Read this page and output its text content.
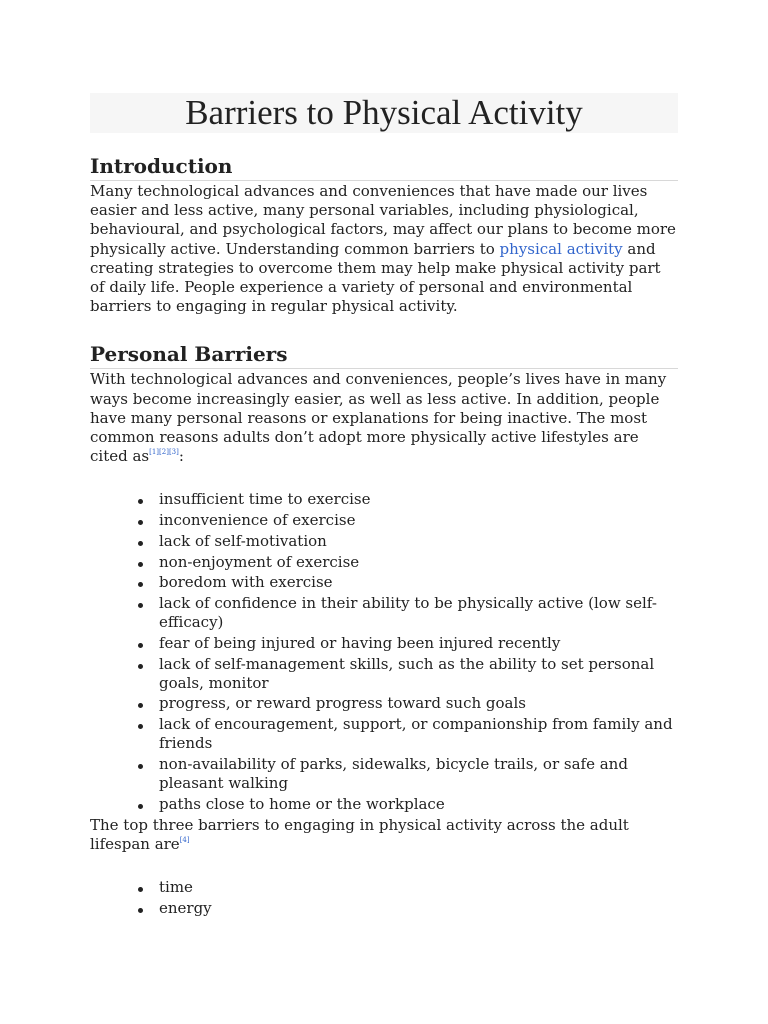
Barriers to Physical Activity
Introduction

Many technological advances and conveniences that have made our lives easier and less active, many personal variables, including physiological, behavioural, and psychological factors, may affect our plans to become more physically active. Understanding common barriers to physical activity and creating strategies to overcome them may help make physical activity part of daily life. People experience a variety of personal and environmental barriers to engaging in regular physical activity.

Personal Barriers

With technological advances and conveniences, people’s lives have in many ways become increasingly easier, as well as less active. In addition, people have many personal reasons or explanations for being inactive. The most common reasons adults don’t adopt more physically active lifestyles are cited as[1][2][3]:

insufficient time to exercise
inconvenience of exercise
lack of self-motivation
non-enjoyment of exercise
boredom with exercise
lack of confidence in their ability to be physically active (low self-efficacy)
fear of being injured or having been injured recently
lack of self-management skills, such as the ability to set personal goals, monitor
progress, or reward progress toward such goals
lack of encouragement, support, or companionship from family and friends
non-availability of parks, sidewalks, bicycle trails, or safe and pleasant walking
paths close to home or the workplace

The top three barriers to engaging in physical activity across the adult lifespan are[4]

time
energy
